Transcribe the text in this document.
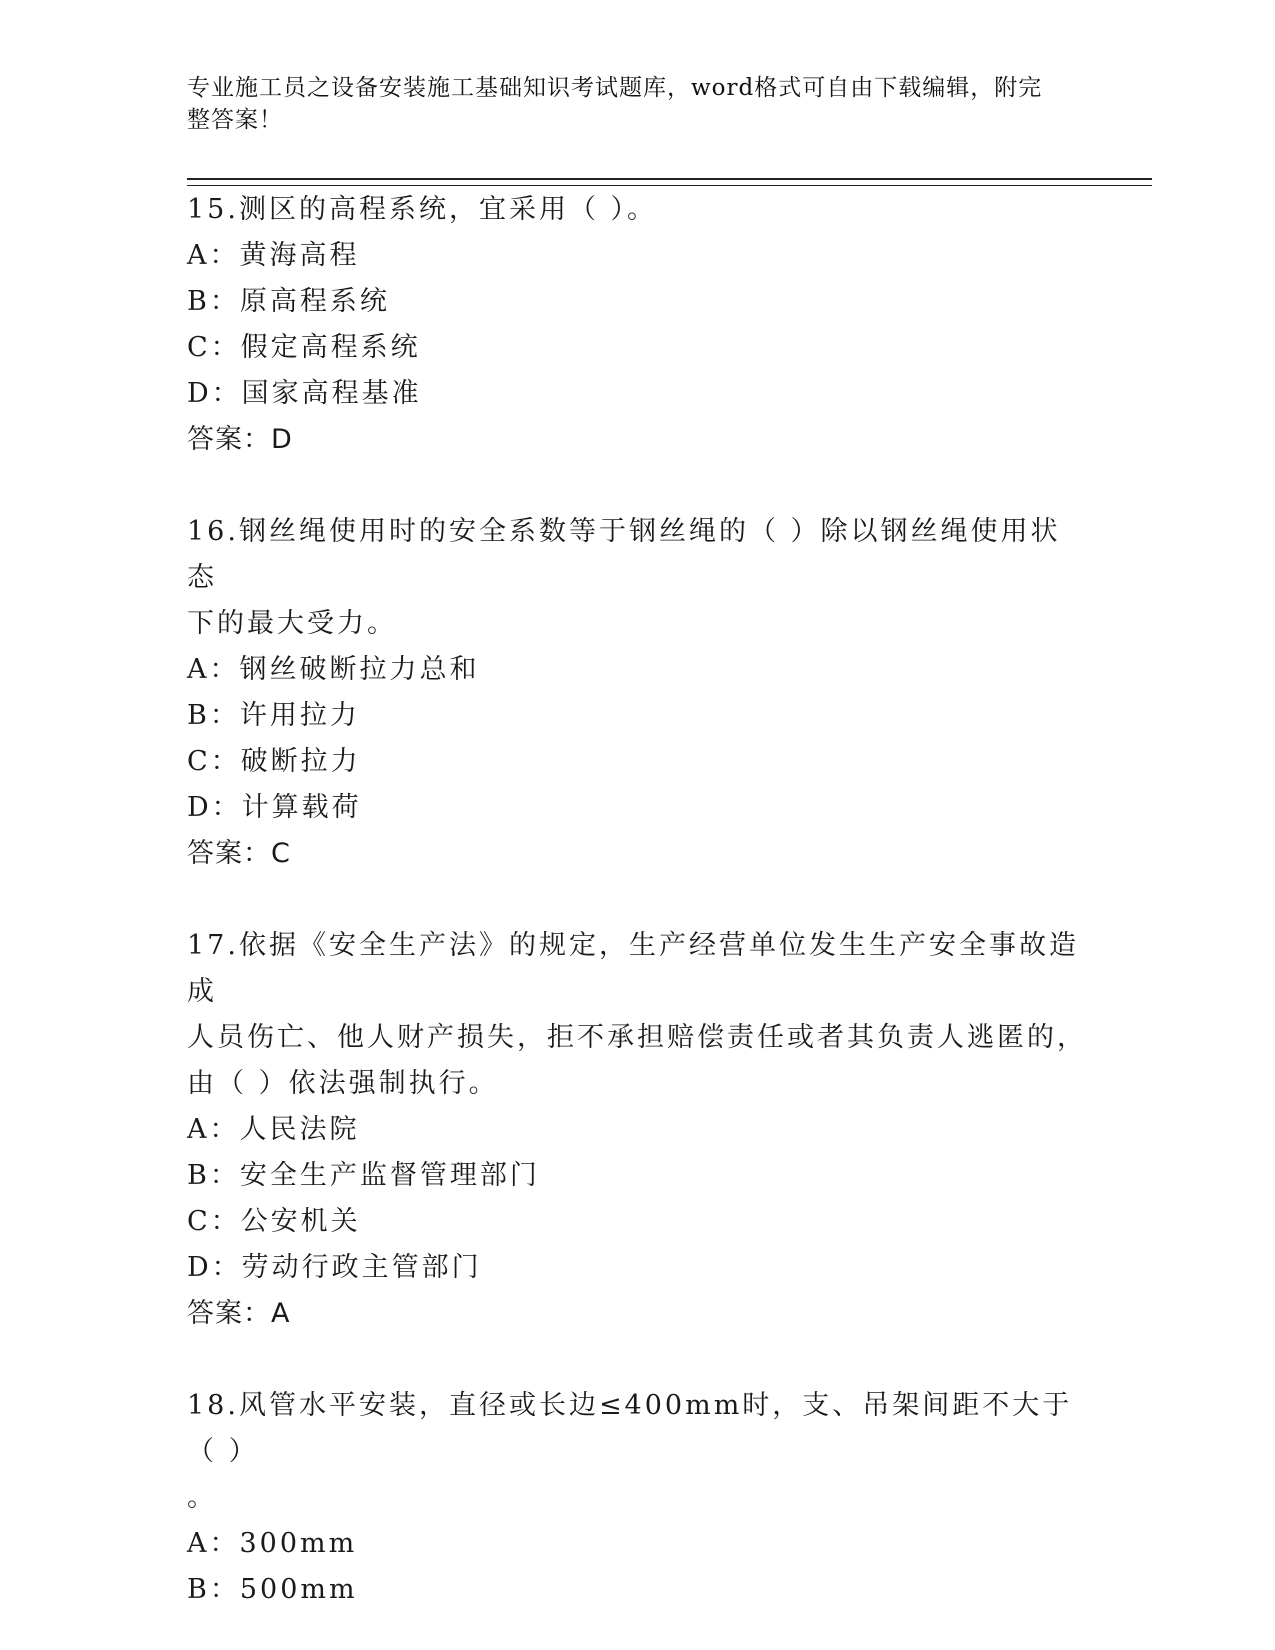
专业施工员之设备安装施工基础知识考试题库，word格式可自由下载编辑，附完
整答案！
15.测区的高程系统，宜采用（ ）。
A：黄海高程
B：原高程系统
C：假定高程系统
D：国家高程基准
答案：D
16.钢丝绳使用时的安全系数等于钢丝绳的（ ）除以钢丝绳使用状态
下的最大受力。
A：钢丝破断拉力总和
B：许用拉力
C：破断拉力
D：计算载荷
答案：C
17.依据《安全生产法》的规定，生产经营单位发生生产安全事故造成
人员伤亡、他人财产损失，拒不承担赔偿责任或者其负责人逃匿的，
由（ ）依法强制执行。
A：人民法院
B：安全生产监督管理部门
C：公安机关
D：劳动行政主管部门
答案：A
18.风管水平安装，直径或长边≤400mm时，支、吊架间距不大于（ ）
。
A：300mm
B：500mm
